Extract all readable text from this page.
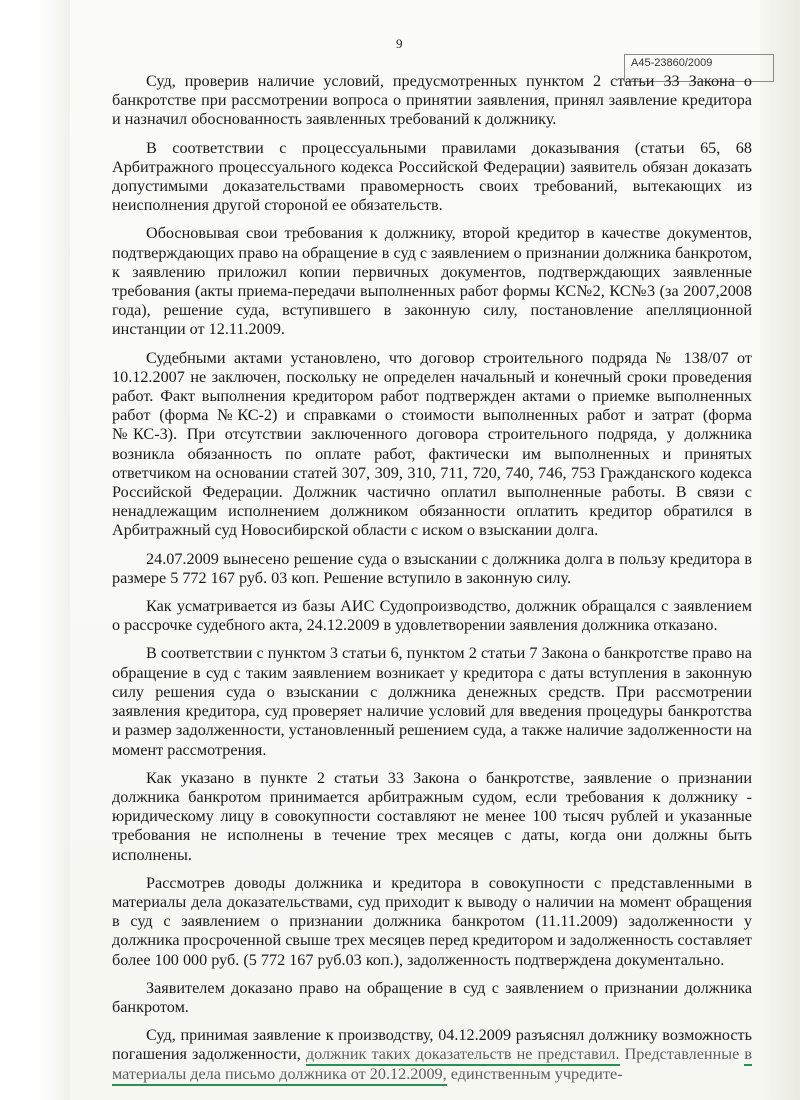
9
А45-23860/2009

Суд, проверив наличие условий, предусмотренных пунктом 2 статьи 33 Закона о банкротстве при рассмотрении вопроса о принятии заявления, принял заявление кредитора и назначил обоснованность заявленных требований к должнику.

В соответствии с процессуальными правилами доказывания (статьи 65, 68 Арбитражного процессуального кодекса Российской Федерации) заявитель обязан доказать допустимыми доказательствами правомерность своих требований, вытекающих из неисполнения другой стороной ее обязательств.

Обосновывая свои требования к должнику, второй кредитор в качестве документов, подтверждающих право на обращение в суд с заявлением о признании должника банкротом, к заявлению приложил копии первичных документов, подтверждающих заявленные требования (акты приема-передачи выполненных работ формы КС№2, КС№3 (за 2007,2008 года), решение суда, вступившего в законную силу, постановление апелляционной инстанции от 12.11.2009.

Судебными актами установлено, что договор строительного подряда № 138/07 от 10.12.2007 не заключен, поскольку не определен начальный и конечный сроки проведения работ. Факт выполнения кредитором работ подтвержден актами о приемке выполненных работ (форма №КС-2) и справками о стоимости выполненных работ и затрат (форма №КС-3). При отсутствии заключенного договора строительного подряда, у должника возникла обязанность по оплате работ, фактически им выполненных и принятых ответчиком на основании статей 307, 309, 310, 711, 720, 740, 746, 753 Гражданского кодекса Российской Федерации. Должник частично оплатил выполненные работы. В связи с ненадлежащим исполнением должником обязанности оплатить кредитор обратился в Арбитражный суд Новосибирской области с иском о взыскании долга.

24.07.2009 вынесено решение суда о взыскании с должника долга в пользу кредитора в размере 5 772 167 руб. 03 коп. Решение вступило в законную силу.

Как усматривается из базы АИС Судопроизводство, должник обращался с заявлением о рассрочке судебного акта, 24.12.2009 в удовлетворении заявления должника отказано.

В соответствии с пунктом 3 статьи 6, пунктом 2 статьи 7 Закона о банкротстве право на обращение в суд с таким заявлением возникает у кредитора с даты вступления в законную силу решения суда о взыскании с должника денежных средств. При рассмотрении заявления кредитора, суд проверяет наличие условий для введения процедуры банкротства и размер задолженности, установленный решением суда, а также наличие задолженности на момент рассмотрения.

Как указано в пункте 2 статьи 33 Закона о банкротстве, заявление о признании должника банкротом принимается арбитражным судом, если требования к должнику - юридическому лицу в совокупности составляют не менее 100 тысяч рублей и указанные требования не исполнены в течение трех месяцев с даты, когда они должны быть исполнены.

Рассмотрев доводы должника и кредитора в совокупности с представленными в материалы дела доказательствами, суд приходит к выводу о наличии на момент обращения в суд с заявлением о признании должника банкротом (11.11.2009) задолженности у должника просроченной свыше трех месяцев перед кредитором и задолженность составляет более 100 000 руб. (5 772 167 руб.03 коп.), задолженность подтверждена документально.

Заявителем доказано право на обращение в суд с заявлением о признании должника банкротом.

Суд, принимая заявление к производству, 04.12.2009 разъяснял должнику возможность погашения задолженности, должник таких доказательств не представил. Представленные в материалы дела письмо должника от 20.12.2009, единственным учредите-
